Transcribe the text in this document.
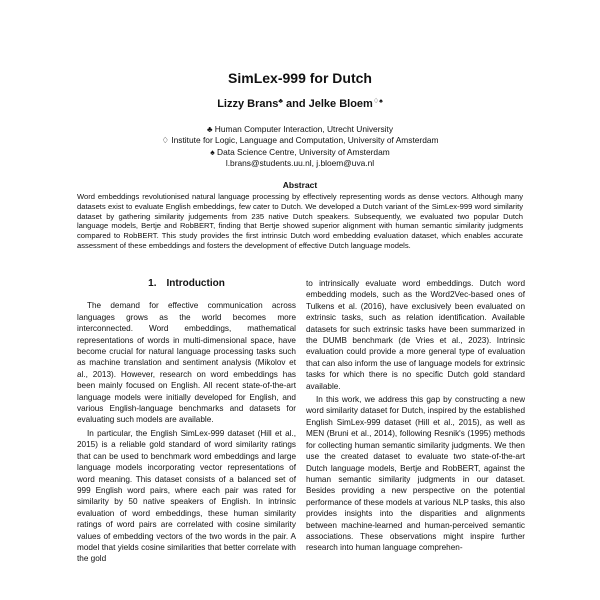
SimLex-999 for Dutch
Lizzy Brans♣ and Jelke Bloem♢♠
♣ Human Computer Interaction, Utrecht University
♢ Institute for Logic, Language and Computation, University of Amsterdam
♠ Data Science Centre, University of Amsterdam
l.brans@students.uu.nl, j.bloem@uva.nl
Abstract
Word embeddings revolutionised natural language processing by effectively representing words as dense vectors. Although many datasets exist to evaluate English embeddings, few cater to Dutch. We developed a Dutch variant of the SimLex-999 word similarity dataset by gathering similarity judgements from 235 native Dutch speakers. Subsequently, we evaluated two popular Dutch language models, Bertje and RobBERT, finding that Bertje showed superior alignment with human semantic similarity judgments compared to RobBERT. This study provides the first intrinsic Dutch word embedding evaluation dataset, which enables accurate assessment of these embeddings and fosters the development of effective Dutch language models.
1. Introduction

The demand for effective communication across languages grows as the world becomes more interconnected. Word embeddings, mathematical representations of words in multi-dimensional space, have become crucial for natural language processing tasks such as machine translation and sentiment analysis (Mikolov et al., 2013). However, research on word embeddings has been mainly focused on English. All recent state-of-the-art language models were initially developed for English, and various English-language benchmarks and datasets for evaluating such models are available.

In particular, the English SimLex-999 dataset (Hill et al., 2015) is a reliable gold standard of word similarity ratings that can be used to benchmark word embeddings and large language models incorporating vector representations of word meaning. This dataset consists of a balanced set of 999 English word pairs, where each pair was rated for similarity by 50 native speakers of English. In intrinsic evaluation of word embeddings, these human similarity ratings of word pairs are correlated with cosine similarity values of embedding vectors of the two words in the pair. A model that yields cosine similarities that better correlate with the gold

to intrinsically evaluate word embeddings. Dutch word embedding models, such as the Word2Vec-based ones of Tulkens et al. (2016), have exclusively been evaluated on extrinsic tasks, such as relation identification. Available datasets for such extrinsic tasks have been summarized in the DUMB benchmark (de Vries et al., 2023). Intrinsic evaluation could provide a more general type of evaluation that can also inform the use of language models for extrinsic tasks for which there is no specific Dutch gold standard available.

In this work, we address this gap by constructing a new word similarity dataset for Dutch, inspired by the established English SimLex-999 dataset (Hill et al., 2015), as well as MEN (Bruni et al., 2014), following Resnik's (1995) methods for collecting human semantic similarity judgments. We then use the created dataset to evaluate two state-of-the-art Dutch language models, Bertje and RobBERT, against the human semantic similarity judgments in our dataset. Besides providing a new perspective on the potential performance of these models at various NLP tasks, this also provides insights into the disparities and alignments between machine-learned and human-perceived semantic associations. These observations might inspire further research into human language comprehen-
